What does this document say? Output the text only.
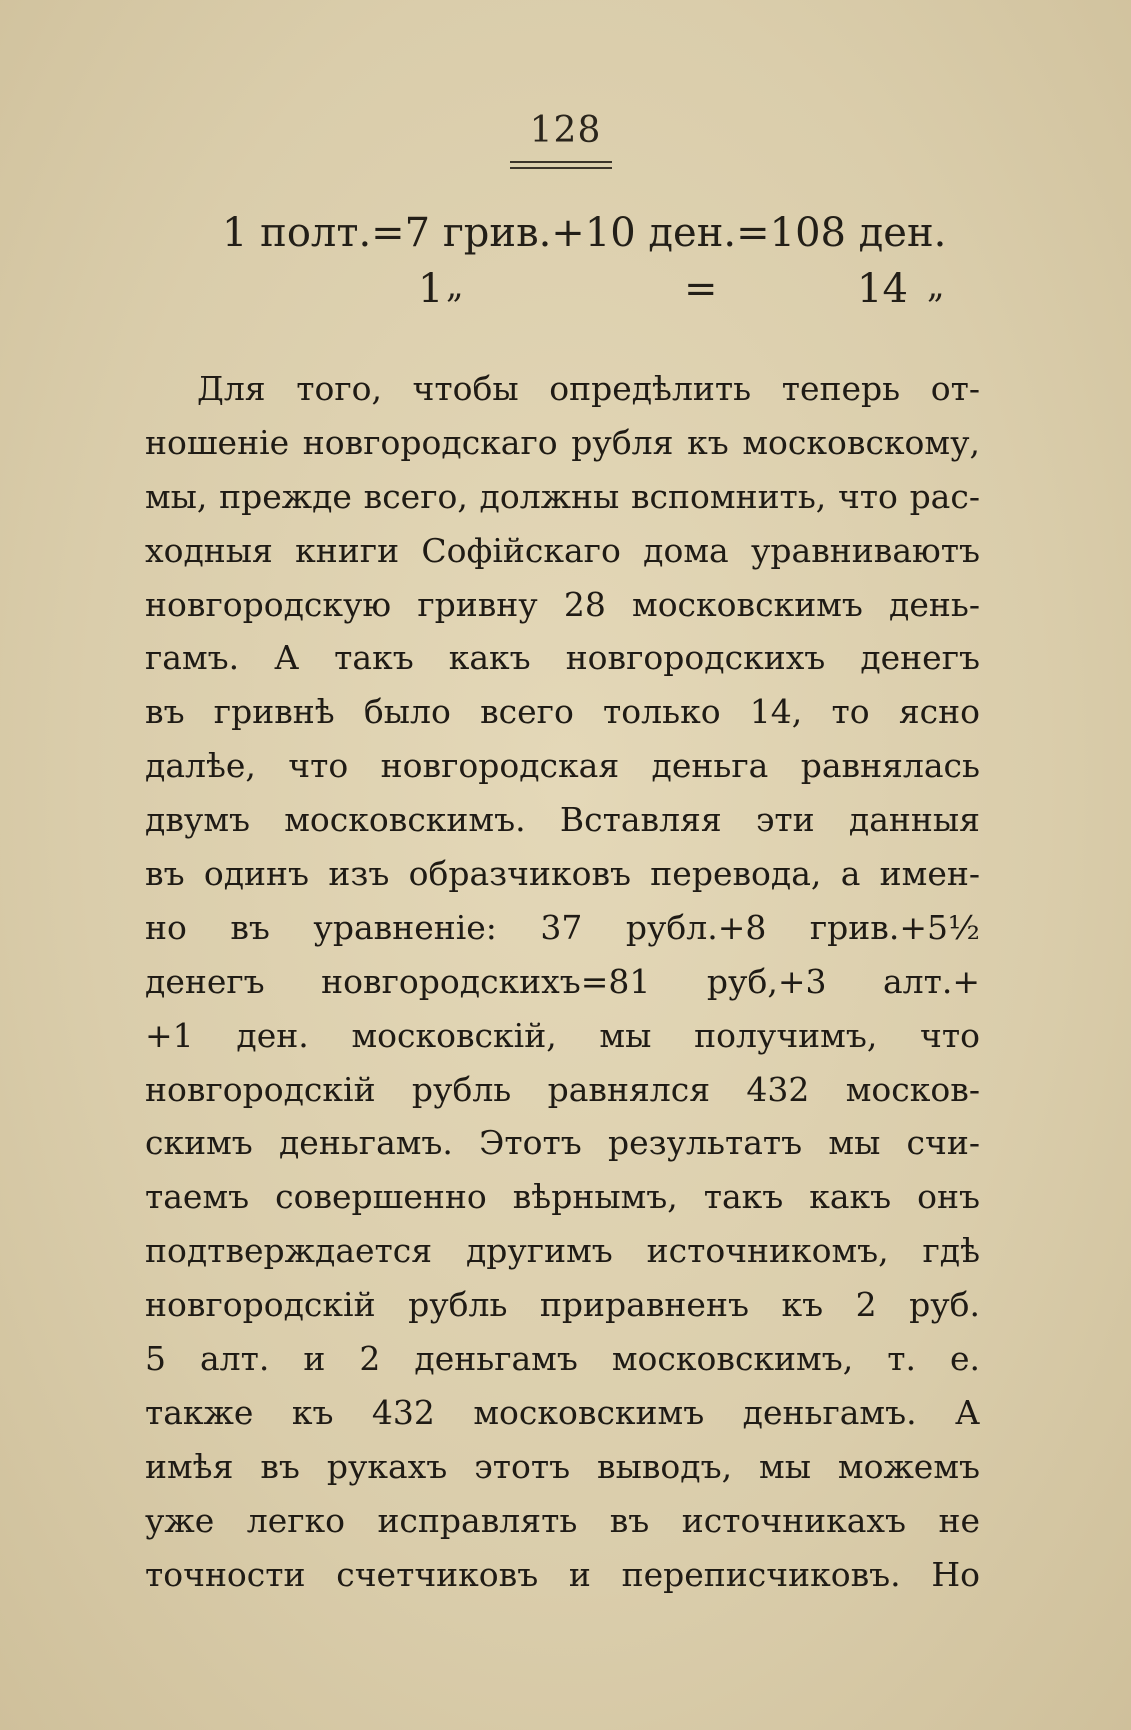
128
1 полт.=7 грив.+10 ден.=108 ден.
1 „	=	14 „
Для того, чтобы опредѣлить теперь от-
ношеніе новгородскаго рубля къ московскому,
мы, прежде всего, должны вспомнить, что рас-
ходныя книги Софійскаго дома уравниваютъ
новгородскую гривну 28 московскимъ день-
гамъ. А такъ какъ новгородскихъ денегъ
въ гривнѣ было всего только 14, то ясно
далѣе, что новгородская деньга равнялась
двумъ московскимъ. Вставляя эти данныя
въ одинъ изъ образчиковъ перевода, а имен-
но въ уравненіе: 37 рубл.+8 грив.+5½
денегъ новгородскихъ=81 руб,+3 алт.+
+1 ден. московскій, мы получимъ, что
новгородскій рубль равнялся 432 москов-
скимъ деньгамъ. Этотъ результатъ мы счи-
таемъ совершенно вѣрнымъ, такъ какъ онъ
подтверждается другимъ источникомъ, гдѣ
новгородскій рубль приравненъ къ 2 руб.
5 алт. и 2 деньгамъ московскимъ, т. е.
также къ 432 московскимъ деньгамъ. А
имѣя въ рукахъ этотъ выводъ, мы можемъ
уже легко исправлять въ источникахъ не
точности счетчиковъ и переписчиковъ. Но
